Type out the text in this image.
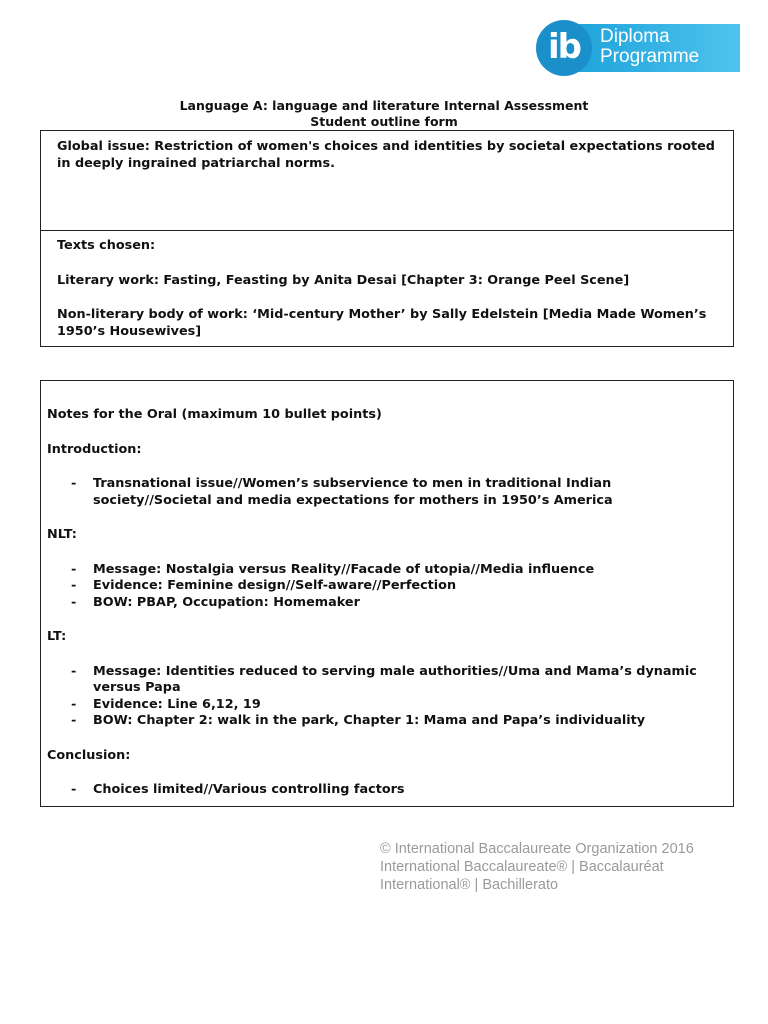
ib	Diploma
Programme
Language A: language and literature Internal Assessment
Student outline form

Global issue: Restriction of women's choices and identities by societal expectations rooted in deeply ingrained patriarchal norms.

Texts chosen:

Literary work: Fasting, Feasting by Anita Desai [Chapter 3: Orange Peel Scene]

Non-literary body of work: ‘Mid-century Mother’ by Sally Edelstein [Media Made Women’s 1950’s Housewives]

Notes for the Oral (maximum 10 bullet points)

Introduction:

- Transnational issue//Women’s subservience to men in traditional Indian society//Societal and media expectations for mothers in 1950’s America

NLT:

- Message: Nostalgia versus Reality//Facade of utopia//Media influence
- Evidence: Feminine design//Self-aware//Perfection
- BOW: PBAP, Occupation: Homemaker

LT:

- Message: Identities reduced to serving male authorities//Uma and Mama’s dynamic versus Papa
- Evidence: Line 6,12, 19
- BOW: Chapter 2: walk in the park, Chapter 1: Mama and Papa’s individuality

Conclusion:

- Choices limited//Various controlling factors
© International Baccalaureate Organization 2016
International Baccalaureate® | Baccalauréat
International® | Bachillerato
